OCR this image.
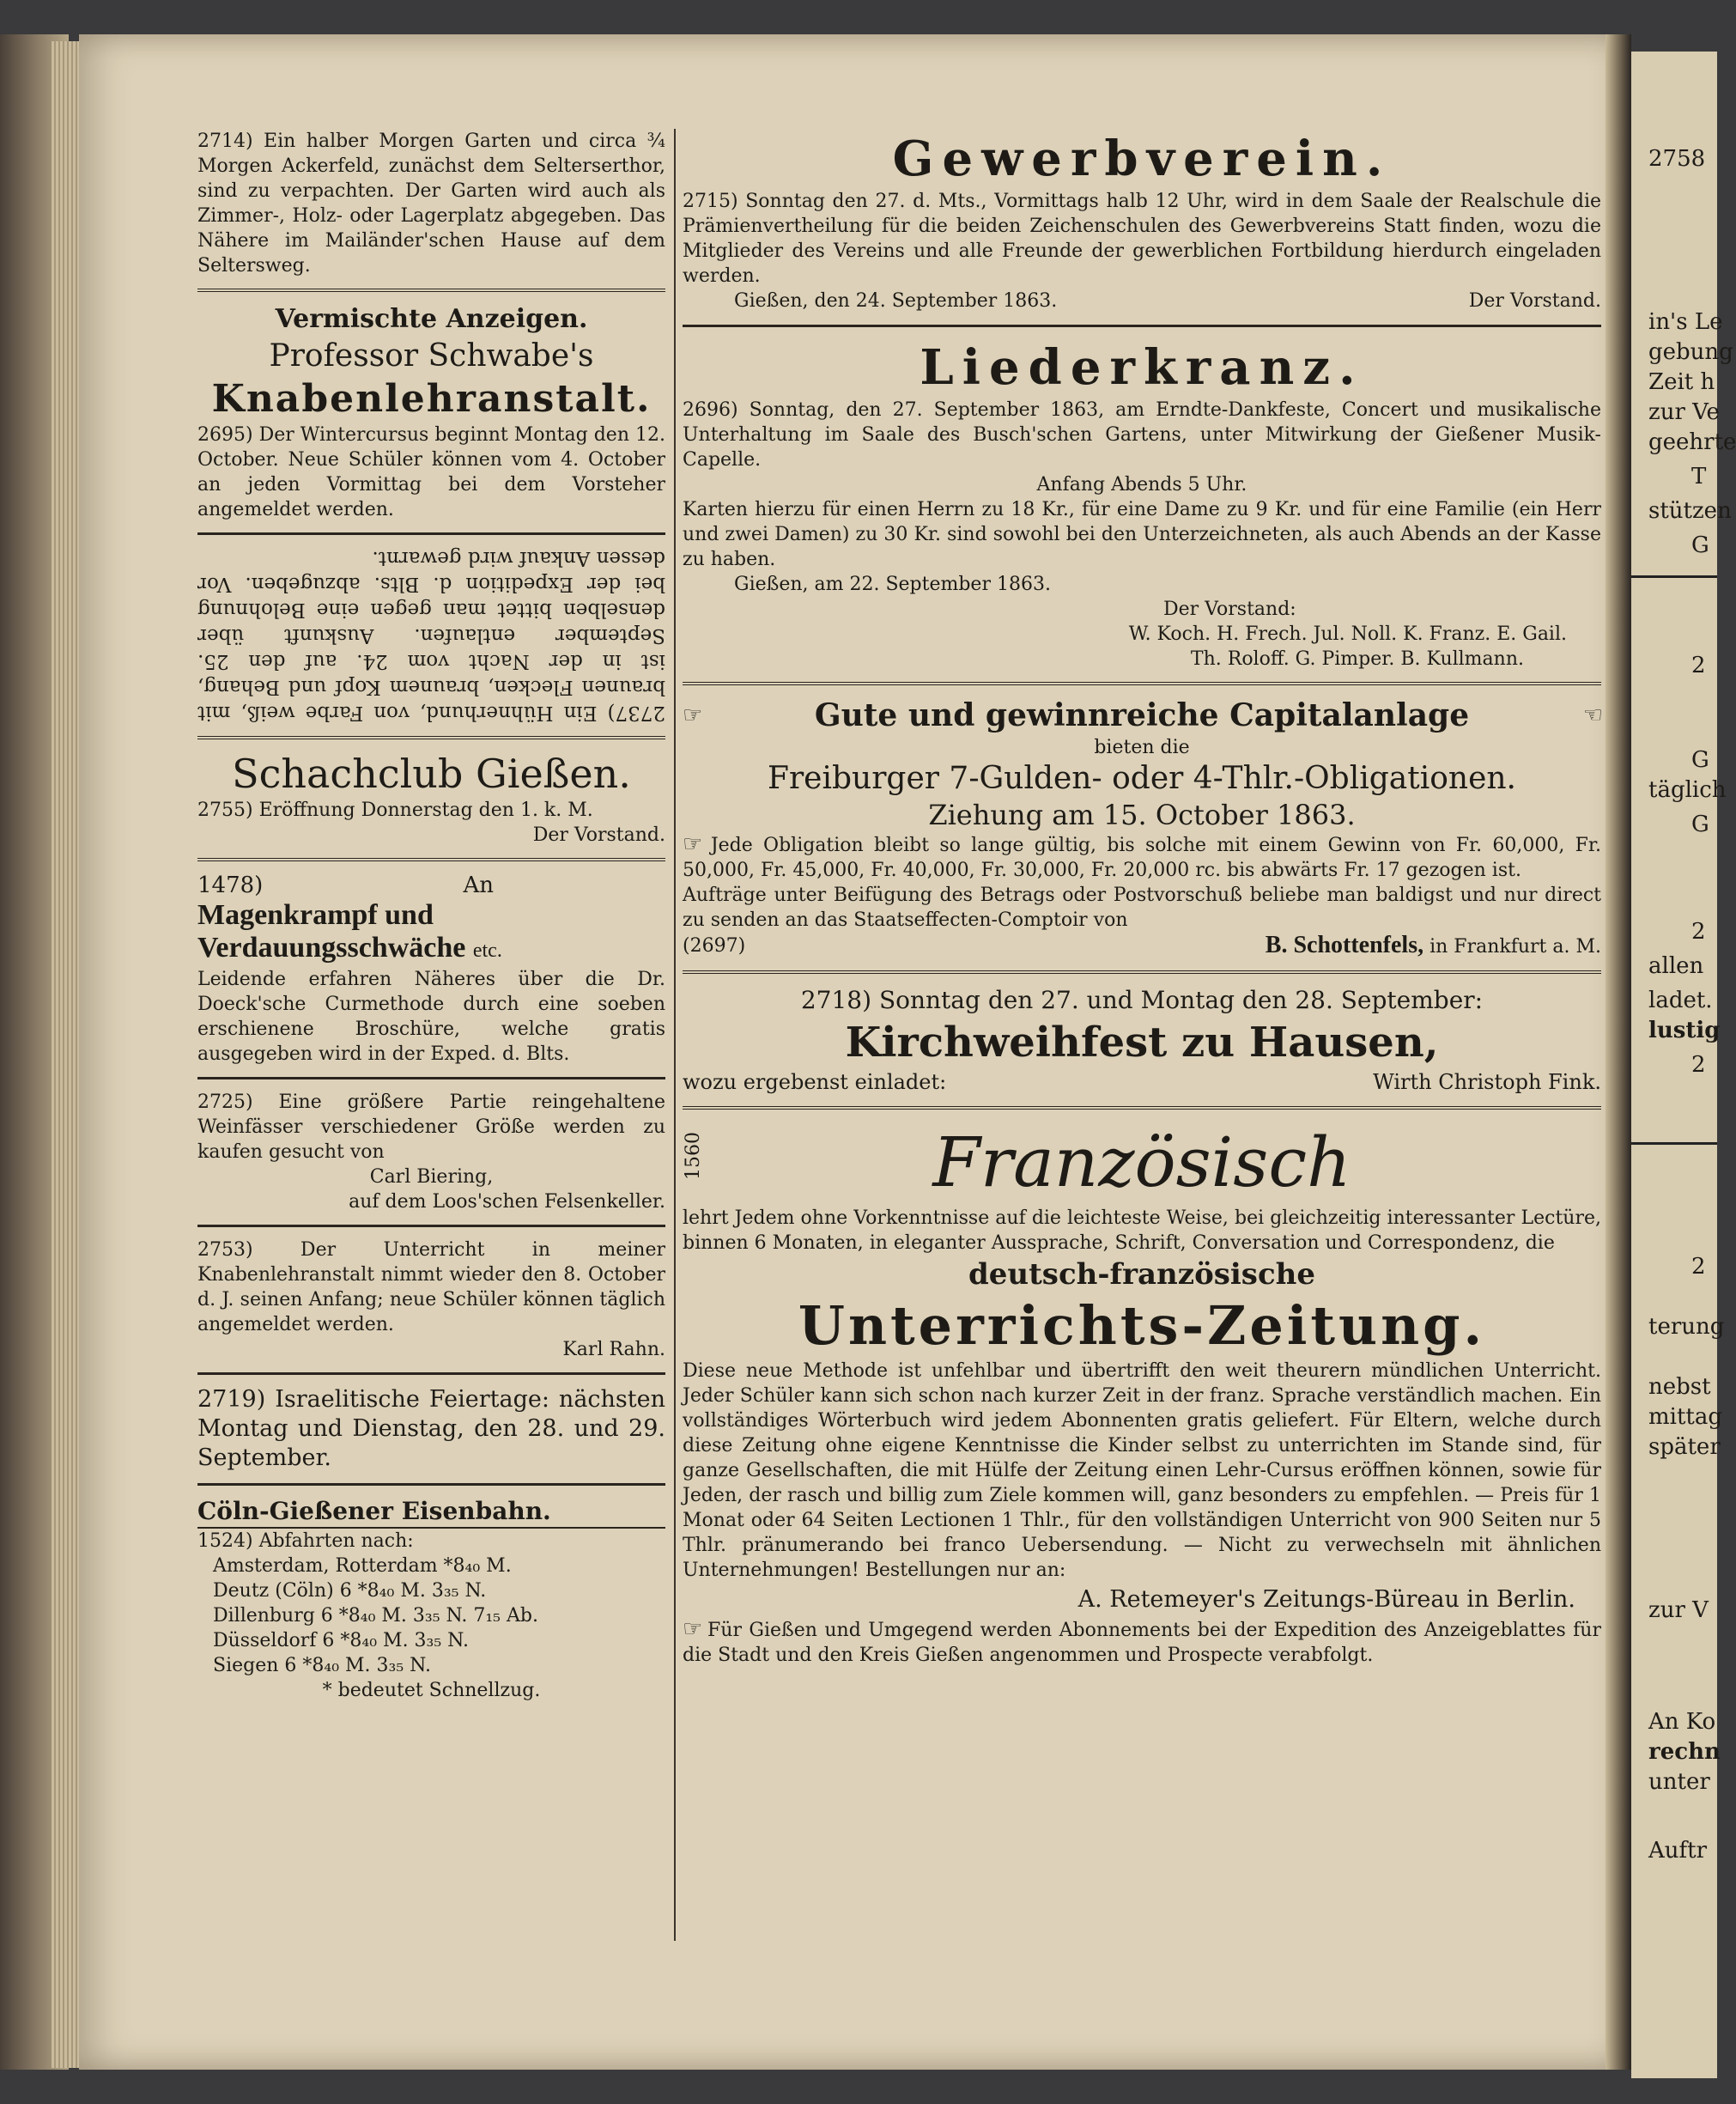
2758
in's Le
gebung
Zeit h
zur Ve
geehrte
T
stützen
G
2
G
täglich
G
2
allen
ladet.
lustig
2
2
terung
nebst
mittag
später
zur V
An Ko
rechn
unter
Auftr

2714) Ein halber Morgen Garten und circa ¾ Morgen Ackerfeld, zunächst dem Selterserthor, sind zu verpachten. Der Garten wird auch als Zimmer-, Holz- oder Lagerplatz abgegeben. Das Nähere im Mailänder'schen Hause auf dem Seltersweg.

Vermischte Anzeigen.
Professor Schwabe's
Knabenlehranstalt.

2695) Der Wintercursus beginnt Montag den 12. October. Neue Schüler können vom 4. October an jeden Vormittag bei dem Vorsteher angemeldet werden.

2737) Ein Hühnerhund, von Farbe weiß, mit braunen Flecken, braunem Kopf und Behang, ist in der Nacht vom 24. auf den 25. September entlaufen. Auskunft über denselben bittet man gegen eine Belohnung bei der Expedition d. Blts. abzugeben. Vor dessen Ankauf wird gewarnt.

Schachclub Gießen.

2755) Eröffnung Donnerstag den 1. k. M.

Der Vorstand.

1478)	An
Magenkrampf und Verdauungsschwäche etc.

Leidende erfahren Näheres über die Dr. Doeck'sche Curmethode durch eine soeben erschienene Broschüre, welche gratis ausgegeben wird in der Exped. d. Blts.

2725) Eine größere Partie reingehaltene Weinfässer verschiedener Größe werden zu kaufen gesucht von

Carl Biering,

auf dem Loos'schen Felsenkeller.

2753) Der Unterricht in meiner Knabenlehranstalt nimmt wieder den 8. October d. J. seinen Anfang; neue Schüler können täglich angemeldet werden.

Karl Rahn.

2719) Israelitische Feiertage: nächsten Montag und Dienstag, den 28. und 29. September.

Cöln-Gießener Eisenbahn.

1524) Abfahrten nach:

Amsterdam, Rotterdam *8₄₀ M.

Deutz (Cöln) 6 *8₄₀ M. 3₃₅ N.

Dillenburg 6 *8₄₀ M. 3₃₅ N. 7₁₅ Ab.

Düsseldorf 6 *8₄₀ M. 3₃₅ N.

Siegen 6 *8₄₀ M. 3₃₅ N.

* bedeutet Schnellzug.

Gewerbverein.

2715) Sonntag den 27. d. Mts., Vormittags halb 12 Uhr, wird in dem Saale der Realschule die Prämienvertheilung für die beiden Zeichenschulen des Gewerbvereins Statt finden, wozu die Mitglieder des Vereins und alle Freunde der gewerblichen Fortbildung hierdurch eingeladen werden.

Gießen, den 24. September 1863.	Der Vorstand.
Liederkranz.

2696) Sonntag, den 27. September 1863, am Erndte-Dankfeste, Concert und musikalische Unterhaltung im Saale des Busch'schen Gartens, unter Mitwirkung der Gießener Musik-Capelle.

Anfang Abends 5 Uhr.

Karten hierzu für einen Herrn zu 18 Kr., für eine Dame zu 9 Kr. und für eine Familie (ein Herr und zwei Damen) zu 30 Kr. sind sowohl bei den Unterzeichneten, als auch Abends an der Kasse zu haben.

Gießen, am 22. September 1863.

Der Vorstand:

W. Koch. H. Frech. Jul. Noll. K. Franz. E. Gail.

Th. Roloff. G. Pimper. B. Kullmann.

☞	Gute und gewinnreiche Capitalanlage	☜

bieten die

Freiburger 7-Gulden- oder 4-Thlr.-Obligationen.
Ziehung am 15. October 1863.

☞ Jede Obligation bleibt so lange gültig, bis solche mit einem Gewinn von Fr. 60,000, Fr. 50,000, Fr. 45,000, Fr. 40,000, Fr. 30,000, Fr. 20,000 rc. bis abwärts Fr. 17 gezogen ist.

Aufträge unter Beifügung des Betrags oder Postvorschuß beliebe man baldigst und nur direct zu senden an das Staatseffecten-Comptoir von

(2697)	B. Schottenfels, in Frankfurt a. M.

2718) Sonntag den 27. und Montag den 28. September:

Kirchweihfest zu Hausen,
wozu ergebenst einladet:	Wirth Christoph Fink.
1560	Französisch

lehrt Jedem ohne Vorkenntnisse auf die leichteste Weise, bei gleichzeitig interessanter Lectüre, binnen 6 Monaten, in eleganter Aussprache, Schrift, Conversation und Correspondenz, die

deutsch-französische
Unterrichts-Zeitung.

Diese neue Methode ist unfehlbar und übertrifft den weit theurern mündlichen Unterricht. Jeder Schüler kann sich schon nach kurzer Zeit in der franz. Sprache verständlich machen. Ein vollständiges Wörterbuch wird jedem Abonnenten gratis geliefert. Für Eltern, welche durch diese Zeitung ohne eigene Kenntnisse die Kinder selbst zu unterrichten im Stande sind, für ganze Gesellschaften, die mit Hülfe der Zeitung einen Lehr-Cursus eröffnen können, sowie für Jeden, der rasch und billig zum Ziele kommen will, ganz besonders zu empfehlen. — Preis für 1 Monat oder 64 Seiten Lectionen 1 Thlr., für den vollständigen Unterricht von 900 Seiten nur 5 Thlr. pränumerando bei franco Uebersendung. — Nicht zu verwechseln mit ähnlichen Unternehmungen! Bestellungen nur an:

A. Retemeyer's Zeitungs-Büreau in Berlin.

☞ Für Gießen und Umgegend werden Abonnements bei der Expedition des Anzeigeblattes für die Stadt und den Kreis Gießen angenommen und Prospecte verabfolgt.
